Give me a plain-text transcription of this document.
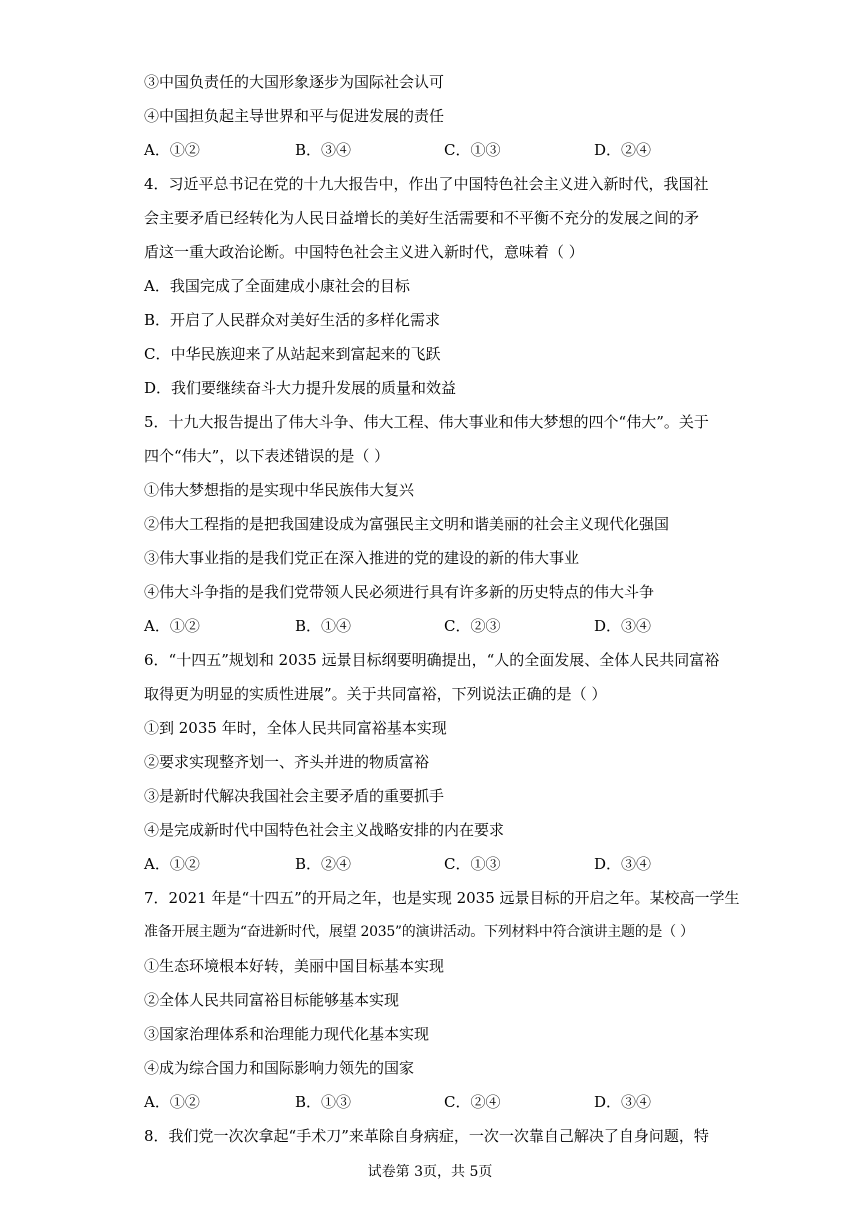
③中国负责任的大国形象逐步为国际社会认可
④中国担负起主导世界和平与促进发展的责任
A．①②	B．③④	C．①③	D．②④
4．习近平总书记在党的十九大报告中，作出了中国特色社会主义进入新时代，我国社
会主要矛盾已经转化为人民日益增长的美好生活需要和不平衡不充分的发展之间的矛
盾这一重大政治论断。中国特色社会主义进入新时代，意味着（ ）
A．我国完成了全面建成小康社会的目标
B．开启了人民群众对美好生活的多样化需求
C．中华民族迎来了从站起来到富起来的飞跃
D．我们要继续奋斗大力提升发展的质量和效益
5．十九大报告提出了伟大斗争、伟大工程、伟大事业和伟大梦想的四个“伟大”。关于
四个“伟大”，以下表述错误的是（ ）
①伟大梦想指的是实现中华民族伟大复兴
②伟大工程指的是把我国建设成为富强民主文明和谐美丽的社会主义现代化强国
③伟大事业指的是我们党正在深入推进的党的建设的新的伟大事业
④伟大斗争指的是我们党带领人民必须进行具有许多新的历史特点的伟大斗争
A．①②	B．①④	C．②③	D．③④
6．“十四五”规划和 2035 远景目标纲要明确提出，“人的全面发展、全体人民共同富裕
取得更为明显的实质性进展”。关于共同富裕，下列说法正确的是（ ）
①到 2035 年时，全体人民共同富裕基本实现
②要求实现整齐划一、齐头并进的物质富裕
③是新时代解决我国社会主要矛盾的重要抓手
④是完成新时代中国特色社会主义战略安排的内在要求
A．①②	B．②④	C．①③	D．③④
7．2021 年是“十四五”的开局之年，也是实现 2035 远景目标的开启之年。某校高一学生
准备开展主题为“奋进新时代，展望 2035”的演讲活动。下列材料中符合演讲主题的是（ ）
①生态环境根本好转，美丽中国目标基本实现
②全体人民共同富裕目标能够基本实现
③国家治理体系和治理能力现代化基本实现
④成为综合国力和国际影响力领先的国家
A．①②	B．①③	C．②④	D．③④
8．我们党一次次拿起“手术刀”来革除自身病症，一次一次靠自己解决了自身问题，特
试卷第 3页，共 5页
